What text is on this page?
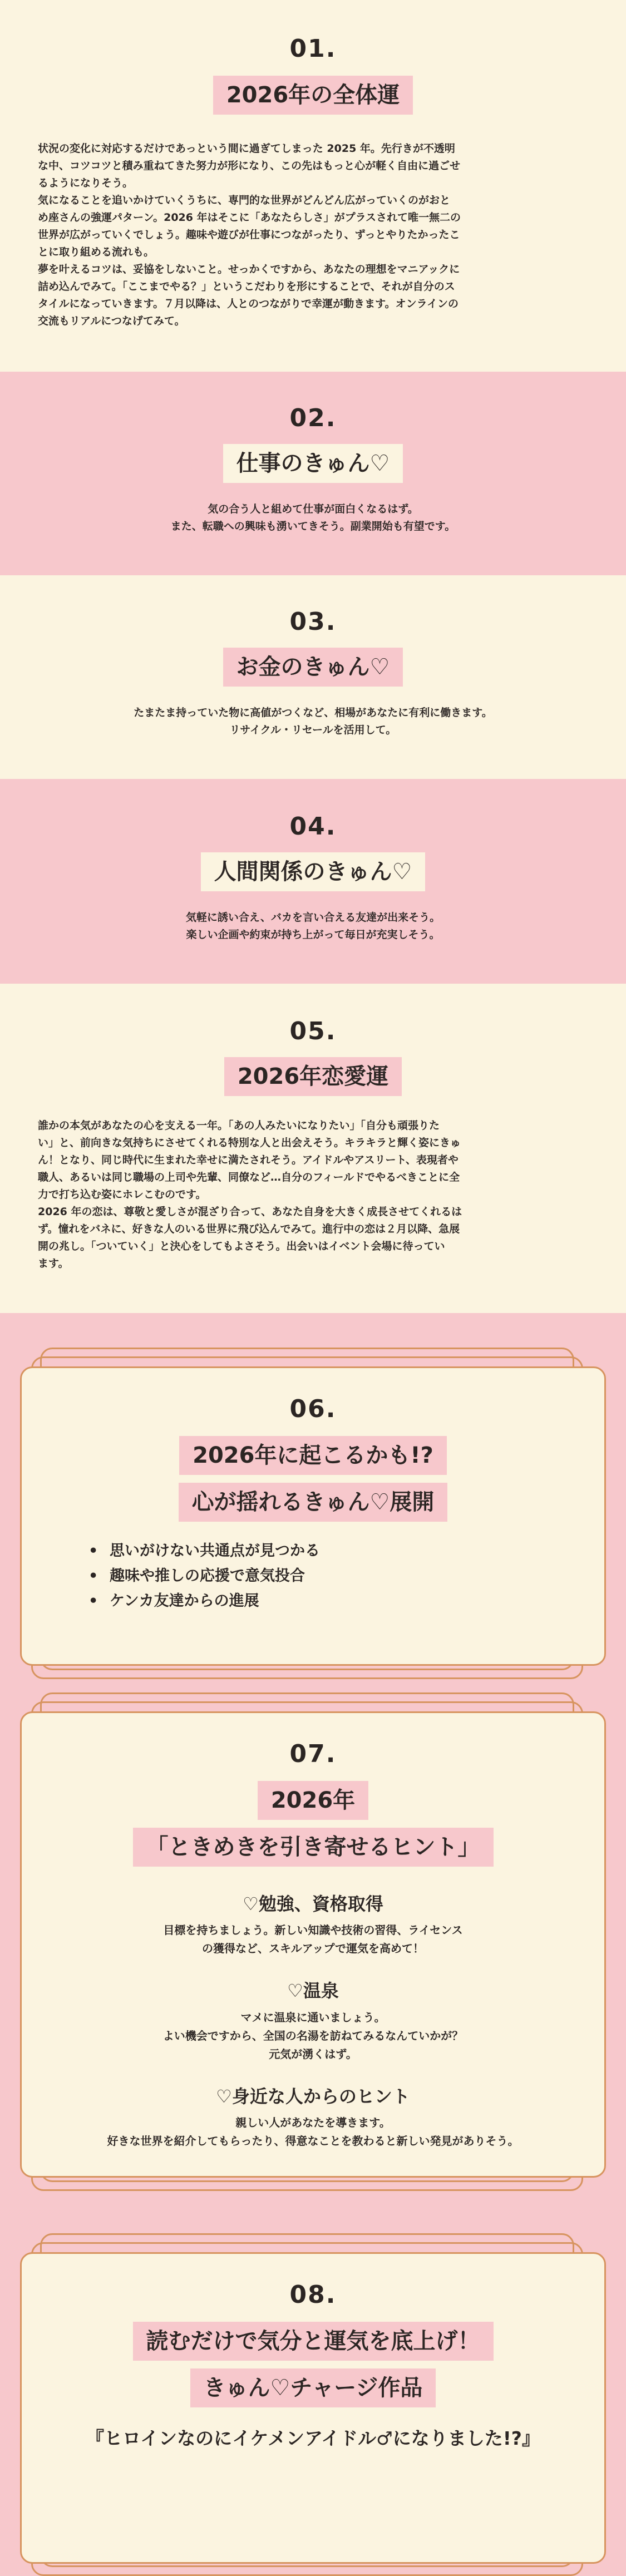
01.
2026年の全体運
状況の変化に対応するだけであっという間に過ぎてしまった 2025 年。先行きが不透明
な中、コツコツと積み重ねてきた努力が形になり、この先はもっと心が軽く自由に過ごせ
るようになりそう。
気になることを追いかけていくうちに、専門的な世界がどんどん広がっていくのがおと
め座さんの強運パターン。2026 年はそこに「あなたらしさ」がプラスされて唯一無二の
世界が広がっていくでしょう。趣味や遊びが仕事につながったり、ずっとやりたかったこ
とに取り組める流れも。
夢を叶えるコツは、妥協をしないこと。せっかくですから、あなたの理想をマニアックに
詰め込んでみて。「ここまでやる？」というこだわりを形にすることで、それが自分のス
タイルになっていきます。７月以降は、人とのつながりで幸運が動きます。オンラインの
交流もリアルにつなげてみて。
02.
仕事のきゅん♡
気の合う人と組めて仕事が面白くなるはず。
また、転職への興味も湧いてきそう。副業開始も有望です。
03.
お金のきゅん♡
たまたま持っていた物に高値がつくなど、相場があなたに有利に働きます。
リサイクル・リセールを活用して。
04.
人間関係のきゅん♡
気軽に誘い合え、バカを言い合える友達が出来そう。
楽しい企画や約束が持ち上がって毎日が充実しそう。
05.
2026年恋愛運
誰かの本気があなたの心を支える一年。「あの人みたいになりたい」「自分も頑張りた
い」と、前向きな気持ちにさせてくれる特別な人と出会えそう。キラキラと輝く姿にきゅ
ん！となり、同じ時代に生まれた幸せに満たされそう。アイドルやアスリート、表現者や
職人、あるいは同じ職場の上司や先輩、同僚など…自分のフィールドでやるべきことに全
力で打ち込む姿にホレこむのです。
2026 年の恋は、尊敬と愛しさが混ざり合って、あなた自身を大きく成長させてくれるは
ず。憧れをバネに、好きな人のいる世界に飛び込んでみて。進行中の恋は２月以降、急展
開の兆し。「ついていく」と決心をしてもよさそう。出会いはイベント会場に待ってい
ます。
06.
2026年に起こるかも!?
心が揺れるきゅん♡展開
• 思いがけない共通点が見つかる
• 趣味や推しの応援で意気投合
• ケンカ友達からの進展
07.
2026年
「ときめきを引き寄せるヒント」
♡勉強、資格取得
目標を持ちましょう。新しい知識や技術の習得、ライセンス
の獲得など、スキルアップで運気を高めて！
♡温泉
マメに温泉に通いましょう。
よい機会ですから、全国の名湯を訪ねてみるなんていかが？
元気が湧くはず。
♡身近な人からのヒント
親しい人があなたを導きます。
好きな世界を紹介してもらったり、得意なことを教わると新しい発見がありそう。
08.
読むだけで気分と運気を底上げ！
きゅん♡チャージ作品
『ヒロインなのにイケメンアイドル♂になりました!?』
